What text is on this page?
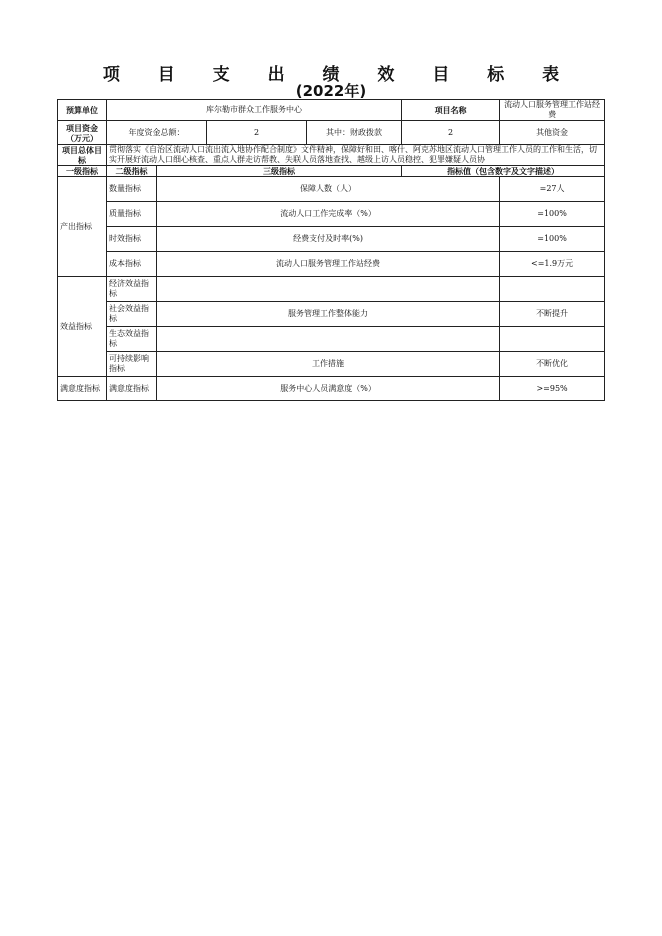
项 目 支 出 绩 效 目 标 表
(2022年)
预算单位	库尔勒市群众工作服务中心				项目名称	流动人口服务管理工作站经费
项目资金（万元）	年度资金总额：		2	其中：财政拨款	2	其他资金
项目总体目标	贯彻落实《自治区流动人口流出流入地协作配合制度》文件精神，保障好和田、喀什、阿克苏地区流动人口管理工作人员的工作和生活，切实开展好流动人口细心核查、重点人群走访帮教、失联人员落地查找、越级上访人员稳控、犯罪嫌疑人员协					

一级指标	二级指标	三级指标			指标值（包含数字及文字描述）	
产出指标	数量指标	保障人数（人）				=27人
	质量指标	流动人口工作完成率（%）				=100%
	时效指标	经费支付及时率(%)				=100%
	成本指标	流动人口服务管理工作站经费				<=1.9万元
效益指标	经济效益指标					
	社会效益指标	服务管理工作整体能力				不断提升
	生态效益指标					
	可持续影响指标	工作措施				不断优化
满意度指标	满意度指标	服务中心人员满意度（%）				>=95%
